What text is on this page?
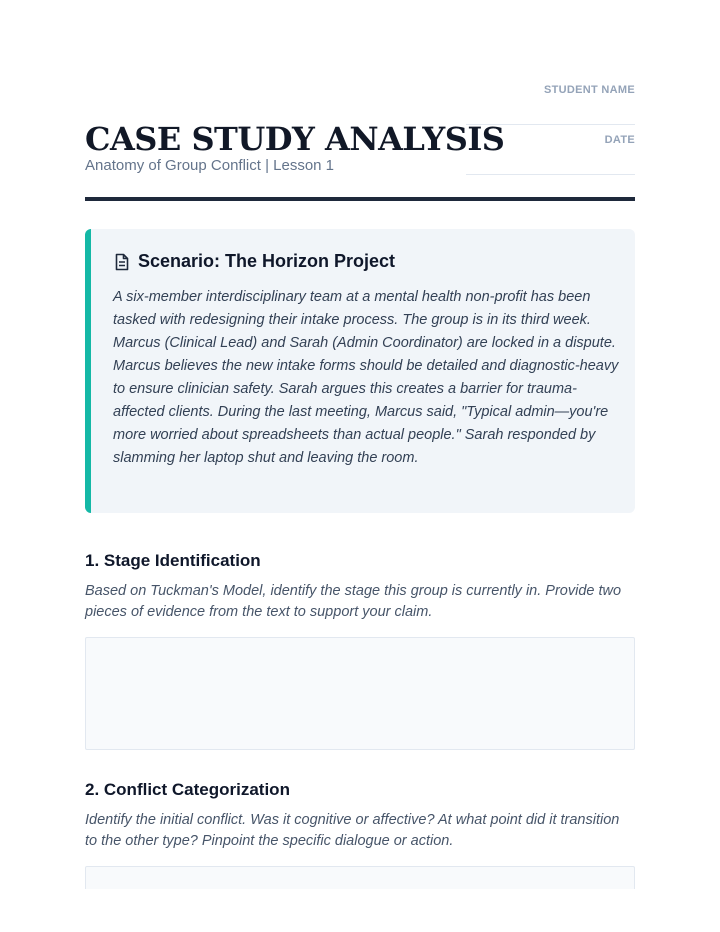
CASE STUDY ANALYSIS
Anatomy of Group Conflict | Lesson 1
STUDENT NAME
DATE
Scenario: The Horizon Project
A six-member interdisciplinary team at a mental health non-profit has been tasked with redesigning their intake process. The group is in its third week. Marcus (Clinical Lead) and Sarah (Admin Coordinator) are locked in a dispute. Marcus believes the new intake forms should be detailed and diagnostic-heavy to ensure clinician safety. Sarah argues this creates a barrier for trauma-affected clients. During the last meeting, Marcus said, "Typical admin—you're more worried about spreadsheets than actual people." Sarah responded by slamming her laptop shut and leaving the room.
1. Stage Identification
Based on Tuckman's Model, identify the stage this group is currently in. Provide two pieces of evidence from the text to support your claim.
2. Conflict Categorization
Identify the initial conflict. Was it cognitive or affective? At what point did it transition to the other type? Pinpoint the specific dialogue or action.
